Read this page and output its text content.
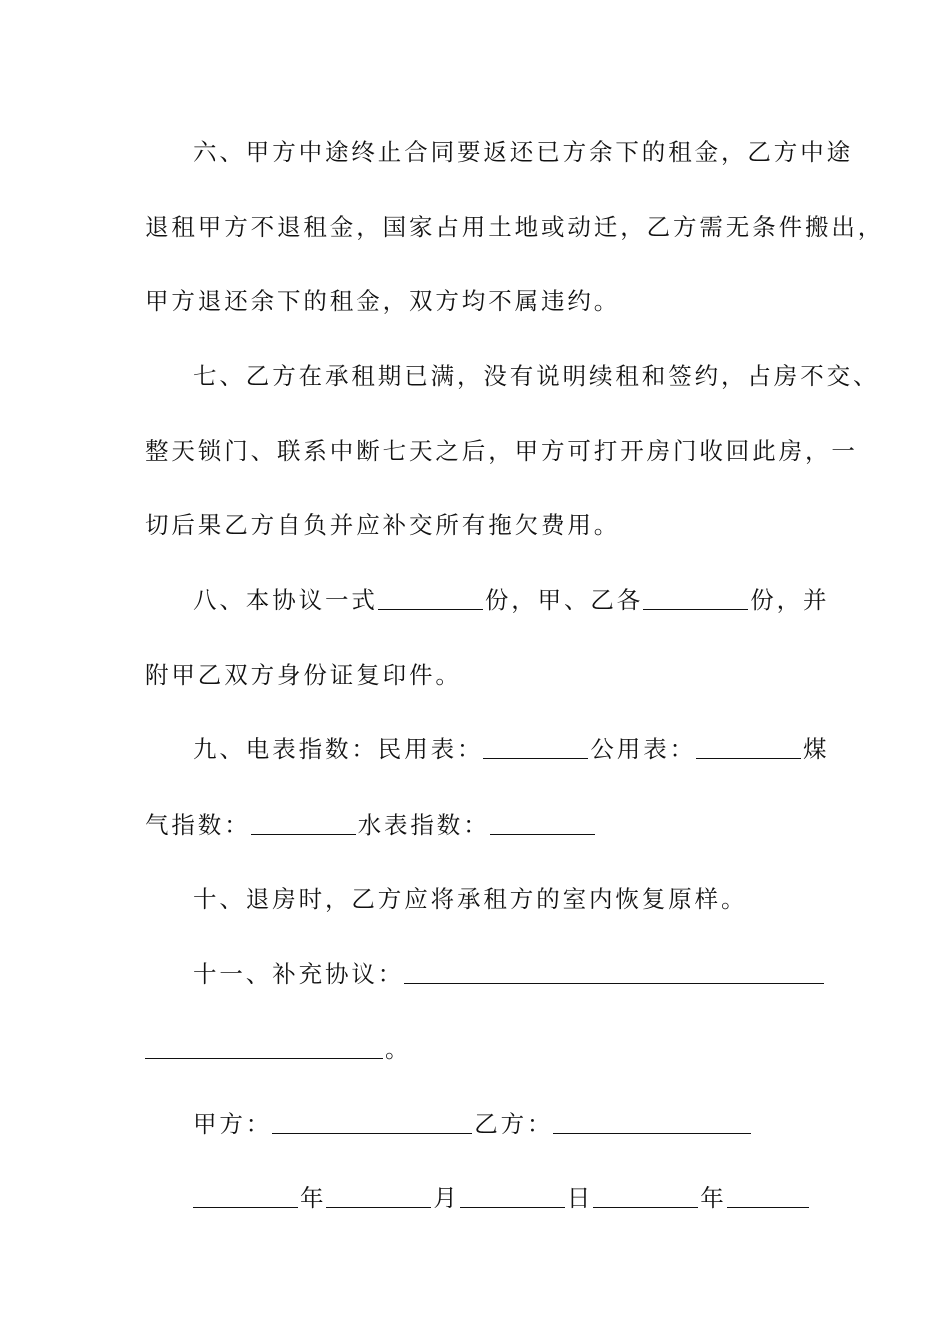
六、甲方中途终止合同要返还已方余下的租金，乙方中途
退租甲方不退租金，国家占用土地或动迁，乙方需无条件搬出，
甲方退还余下的租金，双方均不属违约。
七、乙方在承租期已满，没有说明续租和签约，占房不交、
整天锁门、联系中断七天之后，甲方可打开房门收回此房，一
切后果乙方自负并应补交所有拖欠费用。
八、本协议一式	份，甲、乙各	份，并
附甲乙双方身份证复印件。
九、电表指数：民用表：	公用表：	煤
气指数：	水表指数：
十、退房时，乙方应将承租方的室内恢复原样。
十一、补充协议：
。
甲方：	乙方：
年	月	日	年
